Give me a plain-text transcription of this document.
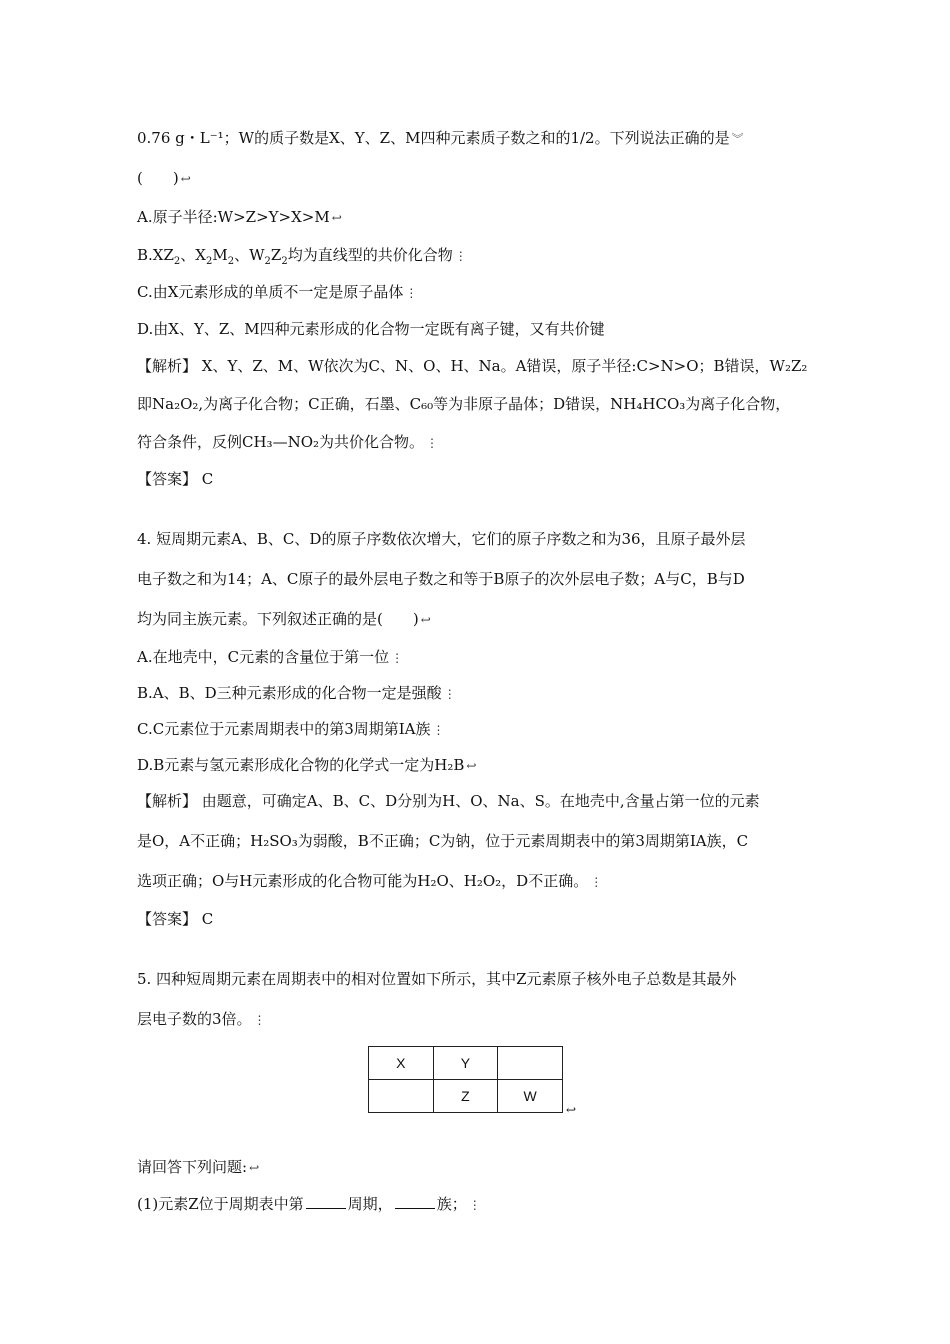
0.76 g・L⁻¹；W的质子数是X、Y、Z、M四种元素质子数之和的1/2。下列说法正确的是 ︾
(　　) ↩
A.原子半径:W>Z>Y>X>M ↩
$B.XZ_2$、$X_2M_2$、$W_2Z_2$均为直线型的共价化合物 ⋮
C.由X元素形成的单质不一定是原子晶体 ⋮
D.由X、Y、Z、M四种元素形成的化合物一定既有离子键，又有共价键
【解析】 X、Y、Z、M、W依次为C、N、O、H、Na。A错误，原子半径:C>N>O；B错误，W₂Z₂
即Na₂O₂,为离子化合物；C正确，石墨、C₆₀等为非原子晶体；D错误，NH₄HCO₃为离子化合物，
符合条件，反例CH₃—NO₂为共价化合物。 ⋮
【答案】 C
4. 短周期元素A、B、C、D的原子序数依次增大，它们的原子序数之和为36，且原子最外层
电子数之和为14；A、C原子的最外层电子数之和等于B原子的次外层电子数；A与C，B与D
均为同主族元素。下列叙述正确的是(　　) ↩
A.在地壳中，C元素的含量位于第一位 ⋮
B.A、B、D三种元素形成的化合物一定是强酸 ⋮
C.C元素位于元素周期表中的第3周期第ⅠA族 ⋮
D.B元素与氢元素形成化合物的化学式一定为H₂B ↩
【解析】 由题意，可确定A、B、C、D分别为H、O、Na、S。在地壳中,含量占第一位的元素
是O，A不正确；H₂SO₃为弱酸，B不正确；C为钠，位于元素周期表中的第3周期第ⅠA族，C
选项正确；O与H元素形成的化合物可能为H₂O、H₂O₂，D不正确。 ⋮
【答案】 C
5. 四种短周期元素在周期表中的相对位置如下所示，其中Z元素原子核外电子总数是其最外
层电子数的3倍。 ⋮
X	Y	
	Z	W
↩
请回答下列问题: ↩
(1)元素Z位于周期表中第	周期，	族； ⋮
